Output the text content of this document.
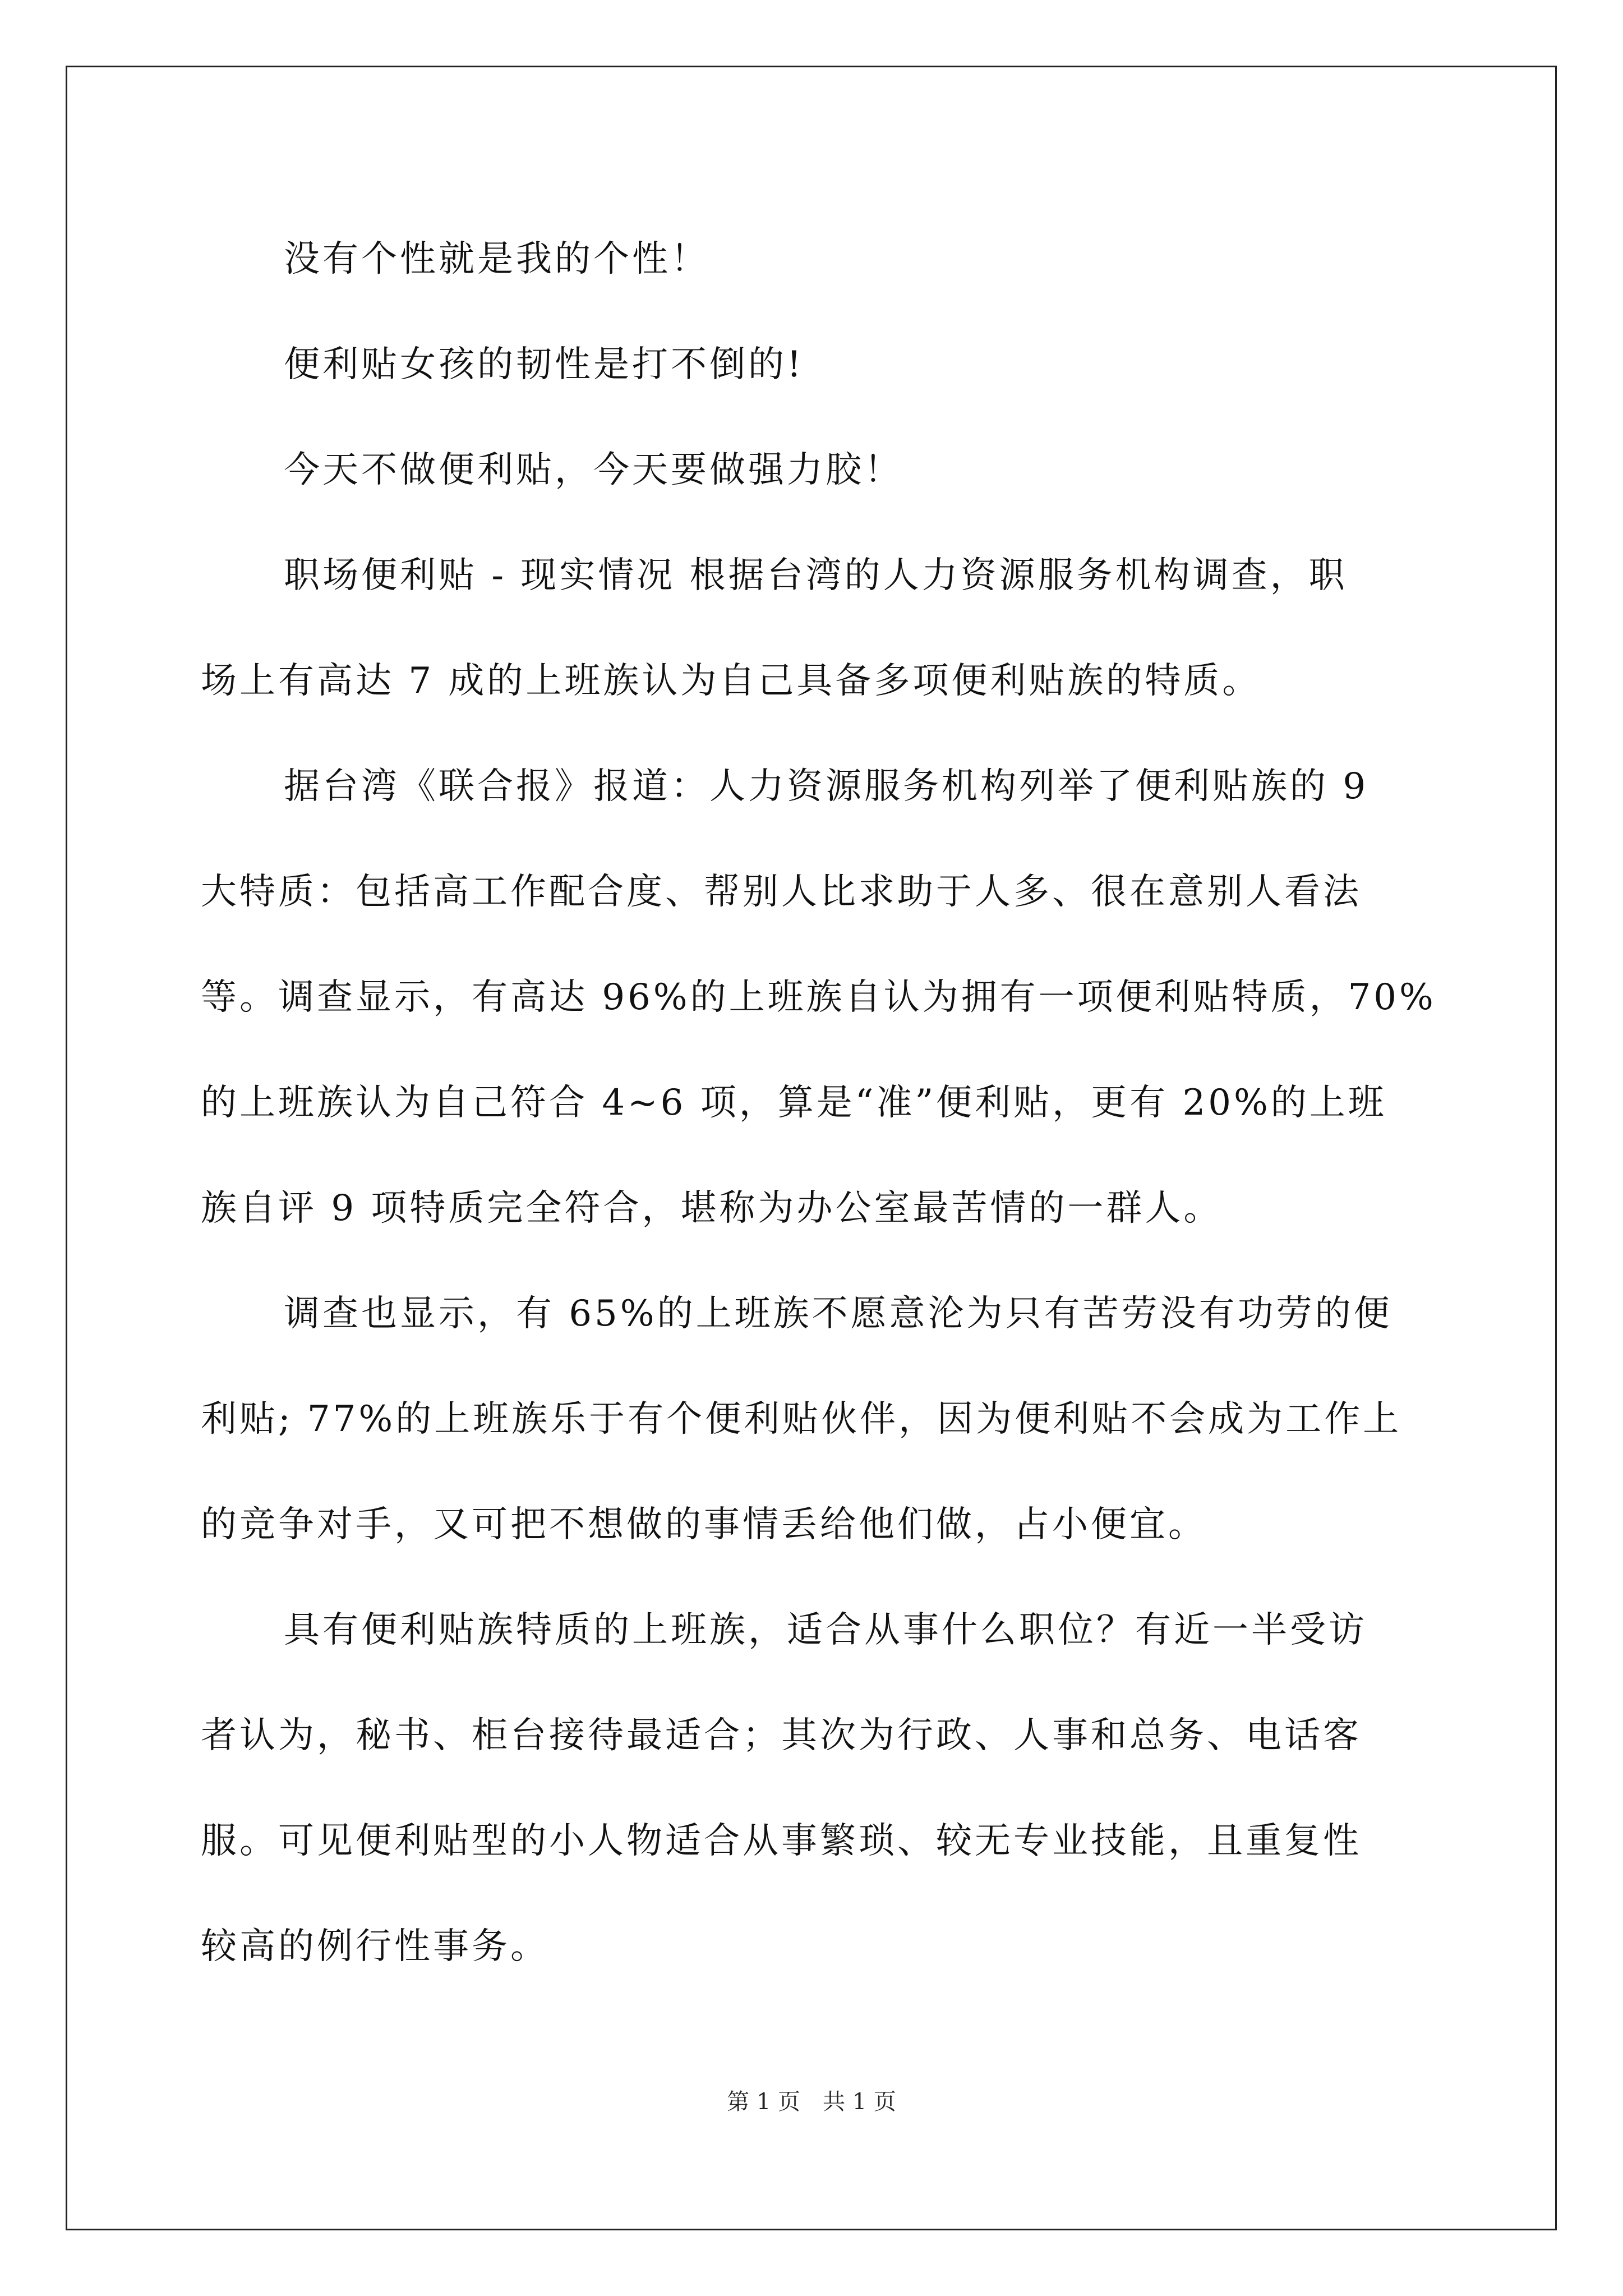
没有个性就是我的个性！
便利贴女孩的韧性是打不倒的!
今天不做便利贴，今天要做强力胶！
职场便利贴 - 现实情况 根据台湾的人力资源服务机构调查，职
场上有高达 7 成的上班族认为自己具备多项便利贴族的特质。
据台湾《联合报》报道：人力资源服务机构列举了便利贴族的 9
大特质：包括高工作配合度、帮别人比求助于人多、很在意别人看法
等。调查显示，有高达 96%的上班族自认为拥有一项便利贴特质，70%
的上班族认为自己符合 4~6 项，算是“准”便利贴，更有 20%的上班
族自评 9 项特质完全符合，堪称为办公室最苦情的一群人。
调查也显示，有 65%的上班族不愿意沦为只有苦劳没有功劳的便
利贴; 77%的上班族乐于有个便利贴伙伴，因为便利贴不会成为工作上
的竞争对手，又可把不想做的事情丢给他们做，占小便宜。
具有便利贴族特质的上班族，适合从事什么职位？有近一半受访
者认为，秘书、柜台接待最适合；其次为行政、人事和总务、电话客
服。可见便利贴型的小人物适合从事繁琐、较无专业技能，且重复性
较高的例行性事务。
第 1 页　共 1 页
